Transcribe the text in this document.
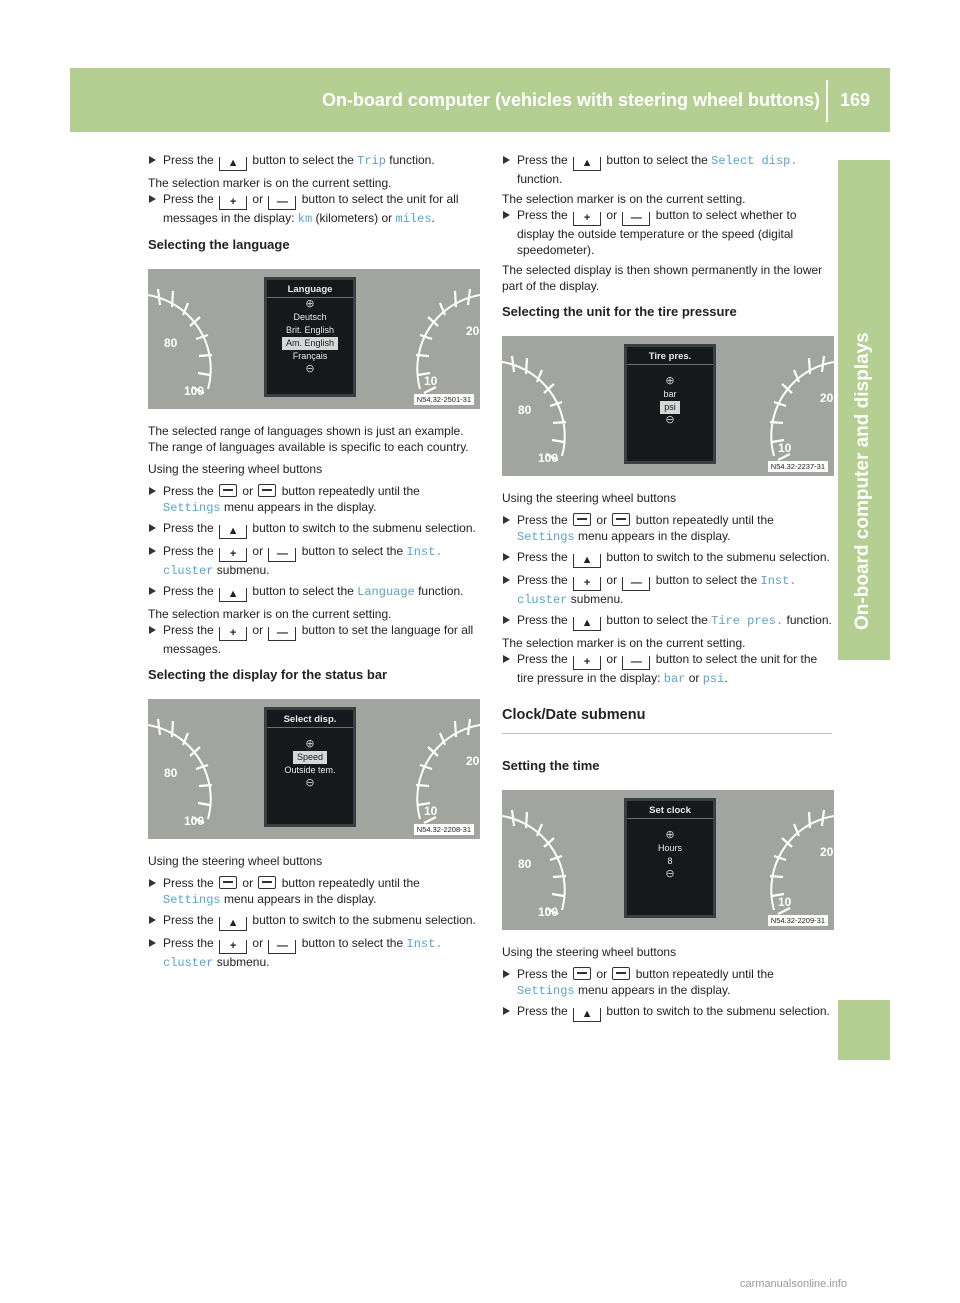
On-board computer (vehicles with steering wheel buttons) 169
On-board computer and displays

Press the ▲ button to select the Trip function.

The selection marker is on the current setting.

Press the + or — button to select the unit for all messages in the display: km (kilometers) or miles.

Selecting the language

80
100
20
10
Language
⊕
Deutsch
Brit. English
Am. English
Français
⊖
N54.32-2501-31

The selected range of languages shown is just an example. The range of languages available is specific to each country.

Using the steering wheel buttons

Press the or button repeatedly until the Settings menu appears in the display.

Press the ▲ button to switch to the submenu selection.

Press the + or — button to select the Inst. cluster submenu.

Press the ▲ button to select the Language function.

The selection marker is on the current setting.

Press the + or — button to set the language for all messages.

Selecting the display for the status bar

80
100
20
10
Select disp.
⊕
Speed
Outside tem.
⊖
N54.32-2208-31

Using the steering wheel buttons

Press the or button repeatedly until the Settings menu appears in the display.

Press the ▲ button to switch to the submenu selection.

Press the + or — button to select the Inst. cluster submenu.

Press the ▲ button to select the Select disp. function.

The selection marker is on the current setting.

Press the + or — button to select whether to display the outside temperature or the speed (digital speedometer).

The selected display is then shown permanently in the lower part of the display.

Selecting the unit for the tire pressure

80
100
20
10
Tire pres.
⊕
bar
psi
⊖
N54.32-2237-31

Using the steering wheel buttons

Press the or button repeatedly until the Settings menu appears in the display.

Press the ▲ button to switch to the submenu selection.

Press the + or — button to select the Inst. cluster submenu.

Press the ▲ button to select the Tire pres. function.

The selection marker is on the current setting.

Press the + or — button to select the unit for the tire pressure in the display: bar or psi.

Clock/Date submenu

Setting the time

80
100
20
10
Set clock
⊕
Hours
8
⊖
N54.32-2209-31

Using the steering wheel buttons

Press the or button repeatedly until the Settings menu appears in the display.

Press the ▲ button to switch to the submenu selection.

carmanualsonline.info
